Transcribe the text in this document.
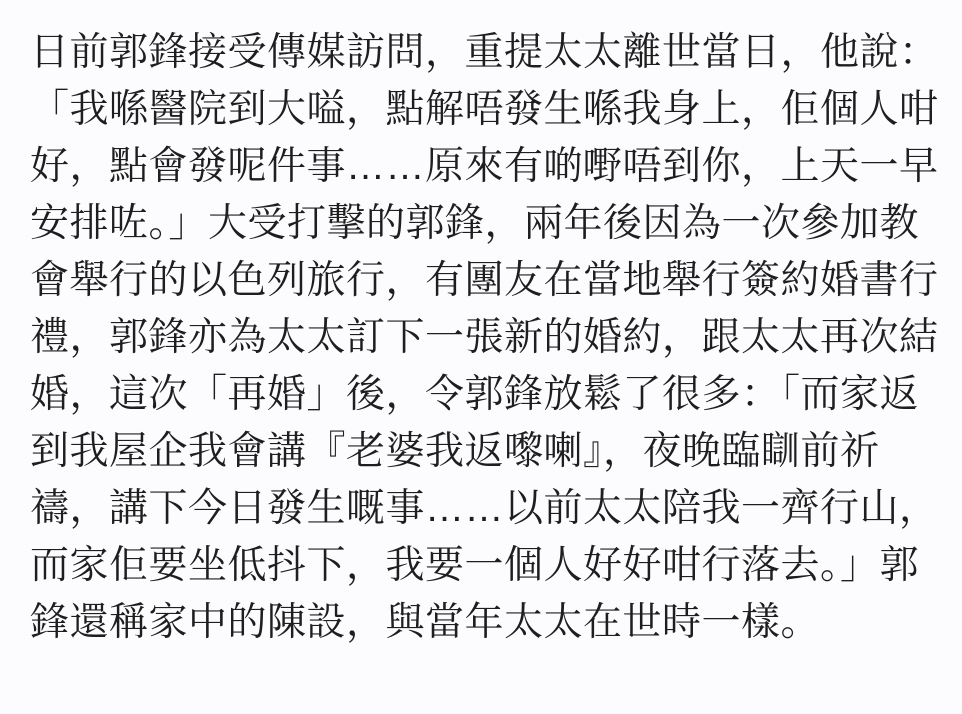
日前郭鋒接受傳媒訪問，重提太太離世當日，他說：
「我喺醫院到大嗌，點解唔發生喺我身上，佢個人咁
好，點會發呢件事……原來有啲嘢唔到你，上天一早
安排咗。」大受打擊的郭鋒，兩年後因為一次參加教
會舉行的以色列旅行，有團友在當地舉行簽約婚書行
禮，郭鋒亦為太太訂下一張新的婚約，跟太太再次結
婚，這次「再婚」後，令郭鋒放鬆了很多：「而家返
到我屋企我會講『老婆我返嚟喇』，夜晚臨瞓前祈
禱，講下今日發生嘅事……以前太太陪我一齊行山，
而家佢要坐低抖下，我要一個人好好咁行落去。」郭
鋒還稱家中的陳設，與當年太太在世時一樣。
